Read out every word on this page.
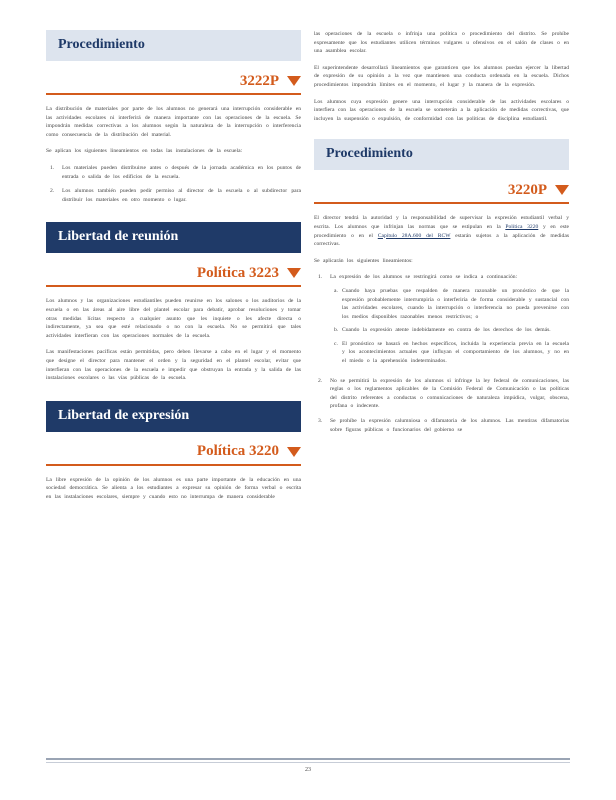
Procedimiento
3222P

La distribución de materiales por parte de los alumnos no generará una interrupción considerable en las actividades escolares ni interferirá de manera importante con las operaciones de la escuela. Se impondrán medidas correctivas a los alumnos según la naturaleza de la interrupción o interferencia como consecuencia de la distribución del material.

Se aplican los siguientes lineamientos en todas las instalaciones de la escuela:

1.	Los materiales pueden distribuirse antes o después de la jornada académica en los puntos de entrada o salida de los edificios de la escuela.
2.	Los alumnos también pueden pedir permiso al director de la escuela o al subdirector para distribuir los materiales en otro momento o lugar.
Libertad de reunión
Política 3223

Los alumnos y las organizaciones estudiantiles pueden reunirse en los salones o los auditorios de la escuela o en las áreas al aire libre del plantel escolar para debatir, aprobar resoluciones y tomar otras medidas lícitas respecto a cualquier asunto que les inquiete o les afecte directa o indirectamente, ya sea que esté relacionado o no con la escuela. No se permitirá que tales actividades interfieran con las operaciones normales de la escuela.

Las manifestaciones pacíficas están permitidas, pero deben llevarse a cabo en el lugar y el momento que designe el director para mantener el orden y la seguridad en el plantel escolar, evitar que interfieran con las operaciones de la escuela e impedir que obstruyan la entrada y la salida de las instalaciones escolares o las vías públicas de la escuela.

Libertad de expresión
Política 3220

La libre expresión de la opinión de los alumnos es una parte importante de la educación en una sociedad democrática. Se alienta a los estudiantes a expresar su opinión de forma verbal o escrita en las instalaciones escolares, siempre y cuando esto no interrumpa de manera considerable

las operaciones de la escuela o infrinja una política o procedimiento del distrito. Se prohíbe expresamente que los estudiantes utilicen términos vulgares u ofensivos en el salón de clases o en una asamblea escolar.

El superintendente desarrollará lineamientos que garanticen que los alumnos puedan ejercer la libertad de expresión de su opinión a la vez que mantienen una conducta ordenada en la escuela. Dichos procedimientos impondrán límites en el momento, el lugar y la manera de la expresión.

Los alumnos cuya expresión genere una interrupción considerable de las actividades escolares o interfiera con las operaciones de la escuela se someterán a la aplicación de medidas correctivas, que incluyen la suspensión o expulsión, de conformidad con las políticas de disciplina estudiantil.

Procedimiento
3220P

El director tendrá la autoridad y la responsabilidad de supervisar la expresión estudiantil verbal y escrita. Los alumnos que infrinjan las normas que se estipulan en la Política 3220 y en este procedimiento o en el Capítulo 28A.600 del RCW estarán sujetos a la aplicación de medidas correctivas.

Se aplicarán los siguientes lineamientos:

1.	La expresión de los alumnos se restringirá como se indica a continuación:
a. Cuando haya pruebas que respalden de manera razonable un pronóstico de que la expresión probablemente interrumpiría o interferiría de forma considerable y sustancial con las actividades escolares, cuando la interrupción o interferencia no pueda prevenirse con los medios disponibles razonables menos restrictivos; o
b. Cuando la expresión atente indebidamente en contra de los derechos de los demás.
c. El pronóstico se basará en hechos específicos, incluida la experiencia previa en la escuela y los acontecimientos actuales que influyan el comportamiento de los alumnos, y no en el miedo o la aprehensión indeterminados.
2.	No se permitirá la expresión de los alumnos si infringe la ley federal de comunicaciones, las reglas o los reglamentos aplicables de la Comisión Federal de Comunicación o las políticas del distrito referentes a conductas o comunicaciones de naturaleza impúdica, vulgar, obscena, profana o indecente.
3.	Se prohíbe la expresión calumniosa o difamatoria de los alumnos. Las mentiras difamatorias sobre figuras públicas o funcionarios del gobierno se
23
